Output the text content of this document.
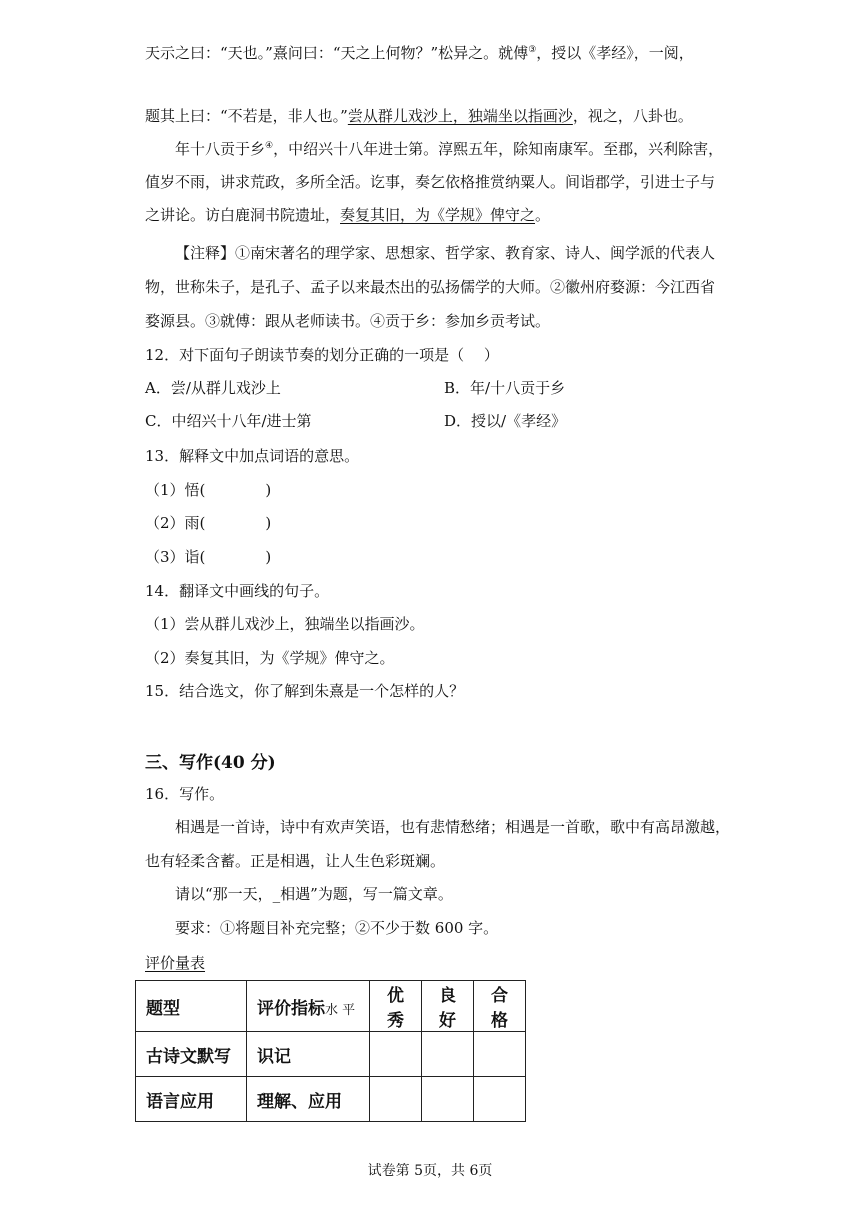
天示之曰：“天也。”熹问曰：“天之上何物？”松异之。就傅③，授以《孝经》，一阅，
题其上曰：“不若是，非人也。”尝从群儿戏沙上，独端坐以指画沙，视之，八卦也。
年十八贡于乡④，中绍兴十八年进士第。淳熙五年，除知南康军。至郡，兴利除害，
值岁不雨，讲求荒政，多所全活。讫事，奏乞依格推赏纳粟人。间诣郡学，引进士子与
之讲论。访白鹿洞书院遗址，奏复其旧，为《学规》俾守之。
【注释】①南宋著名的理学家、思想家、哲学家、教育家、诗人、闽学派的代表人
物，世称朱子，是孔子、孟子以来最杰出的弘扬儒学的大师。②徽州府婺源：今江西省
婺源县。③就傅：跟从老师读书。④贡于乡：参加乡贡考试。
12．对下面句子朗读节奏的划分正确的一项是（　 ）
A．尝/从群儿戏沙上	B．年/十八贡于乡
C．中绍兴十八年/进士第	D．授以/《孝经》
13．解释文中加点词语的意思。
（1）悟(　　　　)
（2）雨(　　　　)
（3）诣(　　　　)
14．翻译文中画线的句子。
（1）尝从群儿戏沙上，独端坐以指画沙。
（2）奏复其旧，为《学规》俾守之。
15．结合选文，你了解到朱熹是一个怎样的人？
三、写作(40 分)
16．写作。
相遇是一首诗，诗中有欢声笑语，也有悲情愁绪；相遇是一首歌，歌中有高昂激越，
也有轻柔含蓄。正是相遇，让人生色彩斑斓。
请以“那一天，_相遇”为题，写一篇文章。
要求：①将题目补充完整；②不少于数 600 字。
评价量表
题型	评价指标水 平	优秀	良好	合格
古诗文默写	识记			
语言应用	理解、应用			
试卷第 5页，共 6页
